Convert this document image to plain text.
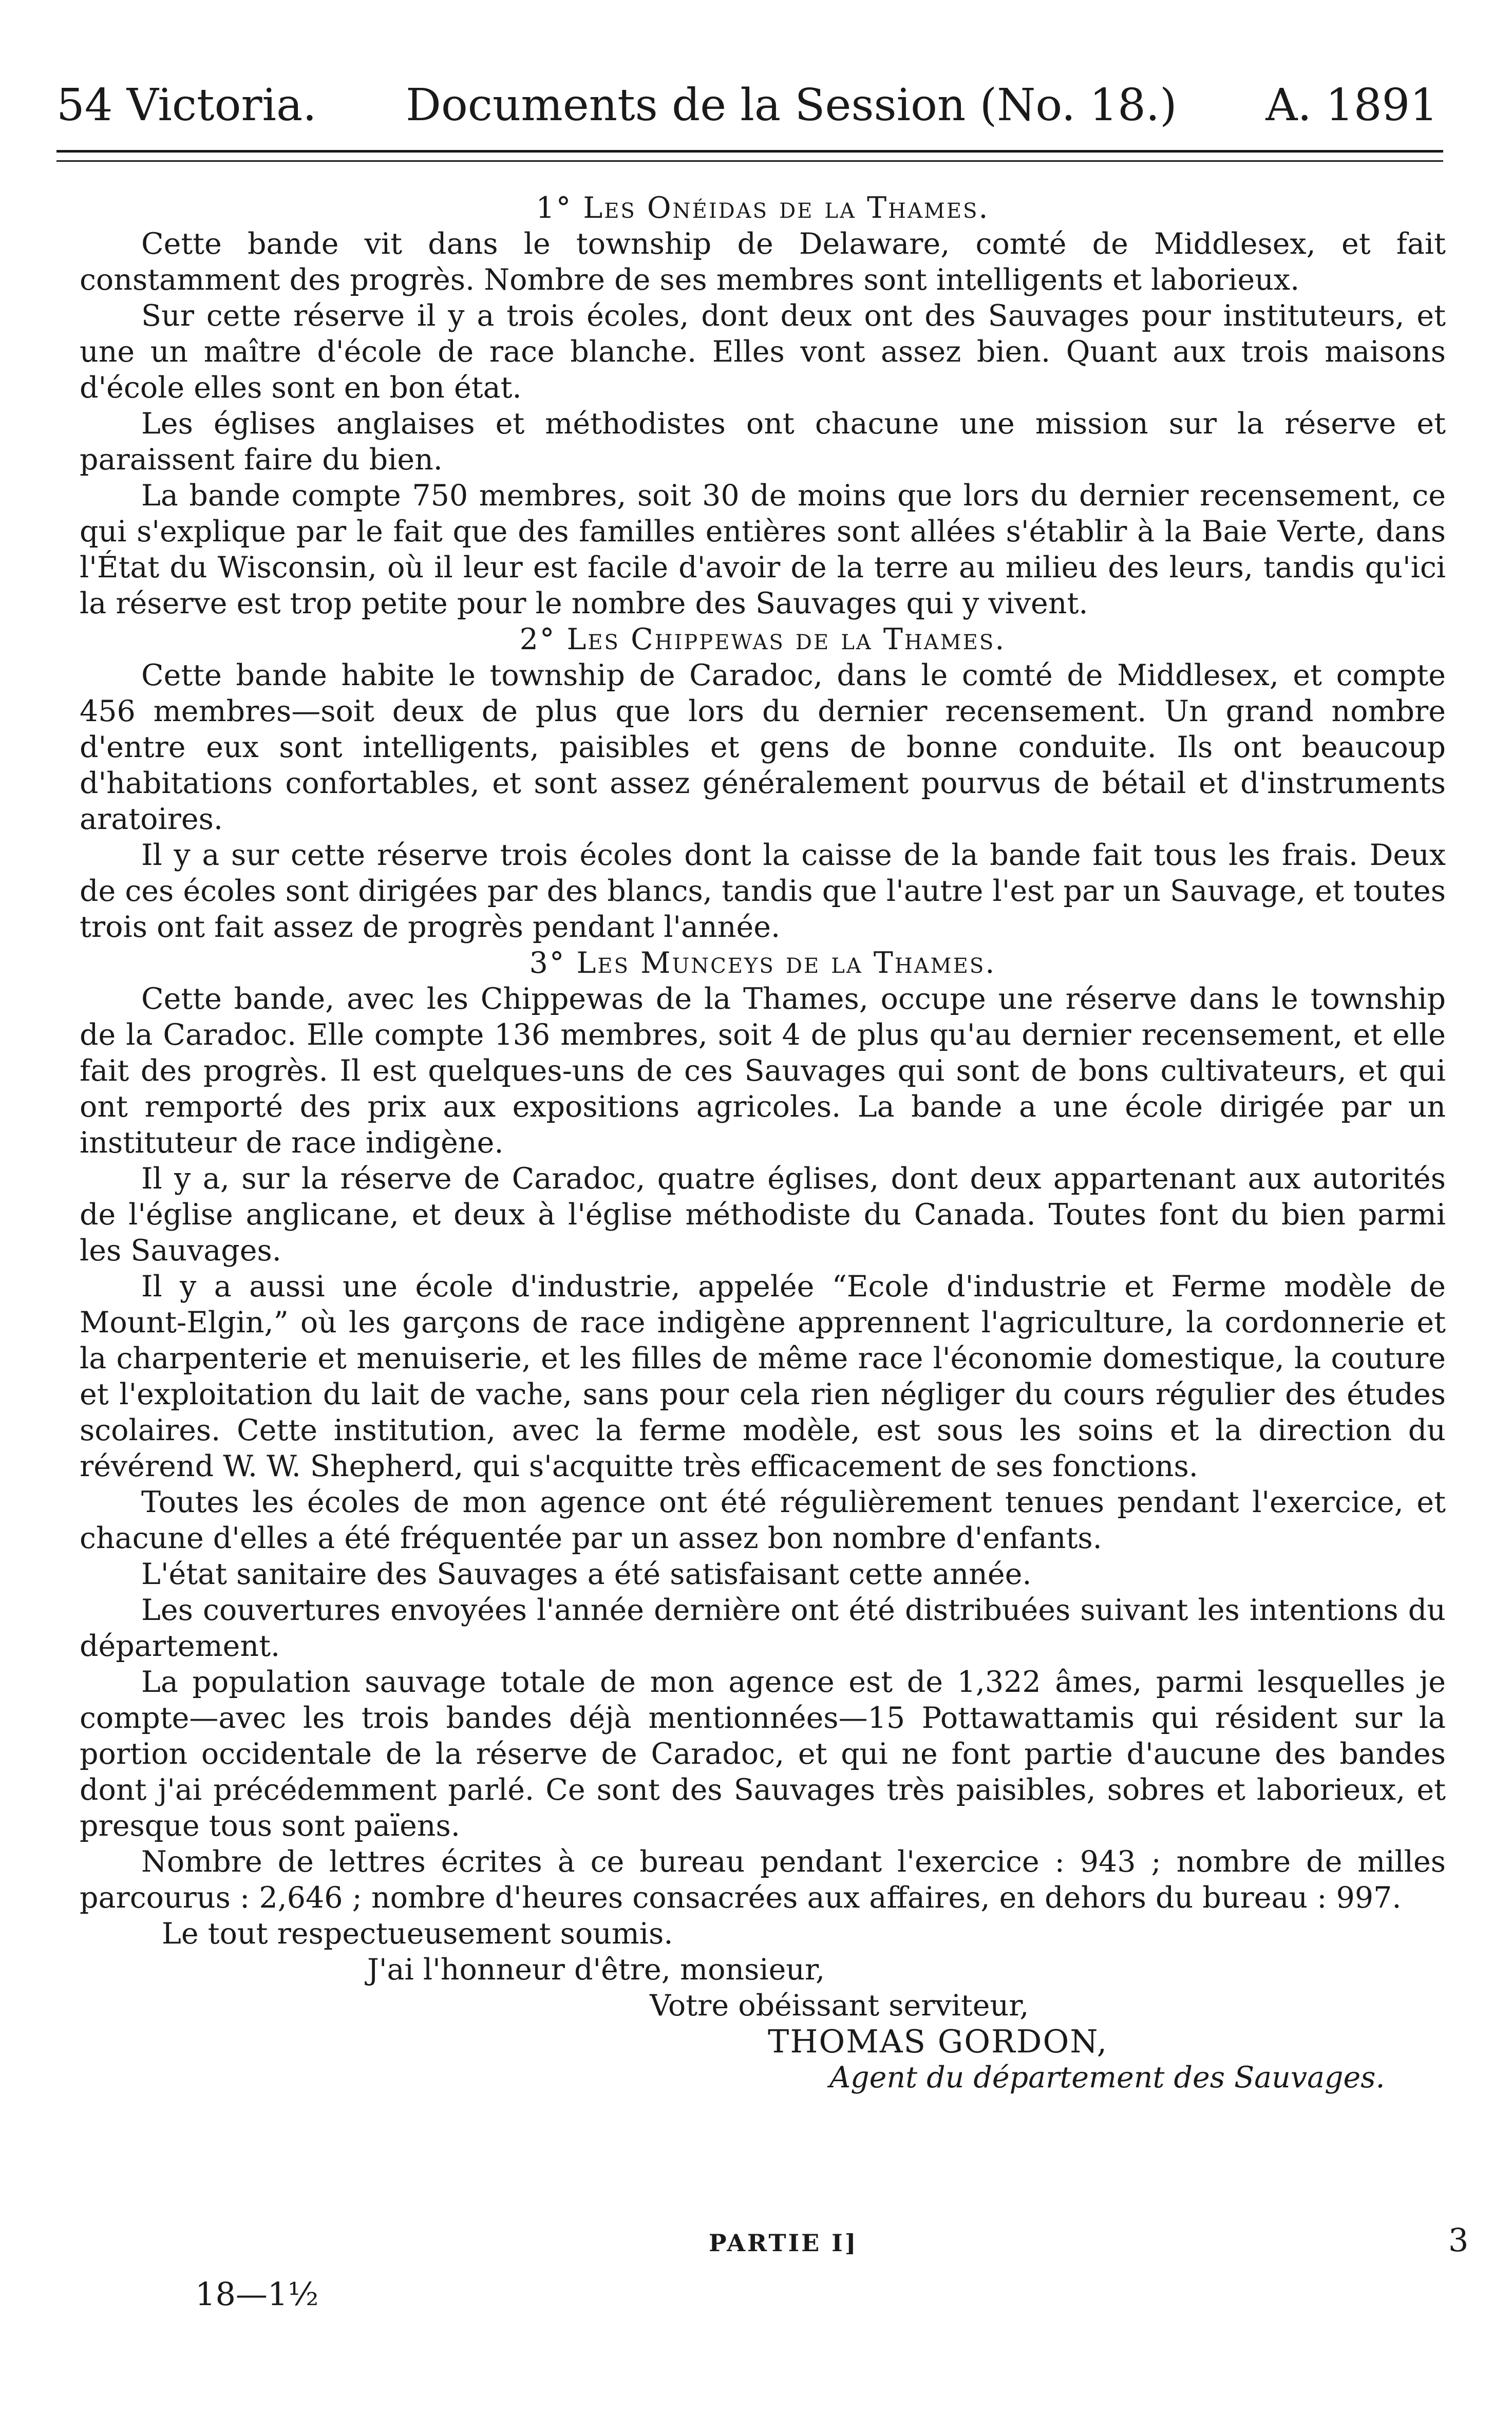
54 Victoria. Documents de la Session (No. 18.) A. 1891

1° Les Onéidas de la Thames.

Cette bande vit dans le township de Delaware, comté de Middlesex, et fait constamment des progrès. Nombre de ses membres sont intelligents et laborieux.

Sur cette réserve il y a trois écoles, dont deux ont des Sauvages pour instituteurs, et une un maître d'école de race blanche. Elles vont assez bien. Quant aux trois maisons d'école elles sont en bon état.

Les églises anglaises et méthodistes ont chacune une mission sur la réserve et paraissent faire du bien.

La bande compte 750 membres, soit 30 de moins que lors du dernier recensement, ce qui s'explique par le fait que des familles entières sont allées s'établir à la Baie Verte, dans l'État du Wisconsin, où il leur est facile d'avoir de la terre au milieu des leurs, tandis qu'ici la réserve est trop petite pour le nombre des Sauvages qui y vivent.

2° Les Chippewas de la Thames.

Cette bande habite le township de Caradoc, dans le comté de Middlesex, et compte 456 membres—soit deux de plus que lors du dernier recensement. Un grand nombre d'entre eux sont intelligents, paisibles et gens de bonne conduite. Ils ont beaucoup d'habitations confortables, et sont assez généralement pourvus de bétail et d'instruments aratoires.

Il y a sur cette réserve trois écoles dont la caisse de la bande fait tous les frais. Deux de ces écoles sont dirigées par des blancs, tandis que l'autre l'est par un Sauvage, et toutes trois ont fait assez de progrès pendant l'année.

3° Les Munceys de la Thames.

Cette bande, avec les Chippewas de la Thames, occupe une réserve dans le township de la Caradoc. Elle compte 136 membres, soit 4 de plus qu'au dernier recensement, et elle fait des progrès. Il est quelques-uns de ces Sauvages qui sont de bons cultivateurs, et qui ont remporté des prix aux expositions agricoles. La bande a une école dirigée par un instituteur de race indigène.

Il y a, sur la réserve de Caradoc, quatre églises, dont deux appartenant aux autorités de l'église anglicane, et deux à l'église méthodiste du Canada. Toutes font du bien parmi les Sauvages.

Il y a aussi une école d'industrie, appelée “Ecole d'industrie et Ferme modèle de Mount-Elgin,” où les garçons de race indigène apprennent l'agriculture, la cordonnerie et la charpenterie et menuiserie, et les filles de même race l'économie domestique, la couture et l'exploitation du lait de vache, sans pour cela rien négliger du cours régulier des études scolaires. Cette institution, avec la ferme modèle, est sous les soins et la direction du révérend W. W. Shepherd, qui s'acquitte très efficacement de ses fonctions.

Toutes les écoles de mon agence ont été régulièrement tenues pendant l'exercice, et chacune d'elles a été fréquentée par un assez bon nombre d'enfants.

L'état sanitaire des Sauvages a été satisfaisant cette année.

Les couvertures envoyées l'année dernière ont été distribuées suivant les intentions du département.

La population sauvage totale de mon agence est de 1,322 âmes, parmi lesquelles je compte—avec les trois bandes déjà mentionnées—15 Pottawattamis qui résident sur la portion occidentale de la réserve de Caradoc, et qui ne font partie d'aucune des bandes dont j'ai précédemment parlé. Ce sont des Sauvages très paisibles, sobres et laborieux, et presque tous sont païens.

Nombre de lettres écrites à ce bureau pendant l'exercice : 943 ; nombre de milles parcourus : 2,646 ; nombre d'heures consacrées aux affaires, en dehors du bureau : 997.

Le tout respectueusement soumis.

J'ai l'honneur d'être, monsieur,

Votre obéissant serviteur,

THOMAS GORDON,

Agent du département des Sauvages.

PARTIE I]	3
18—1½
